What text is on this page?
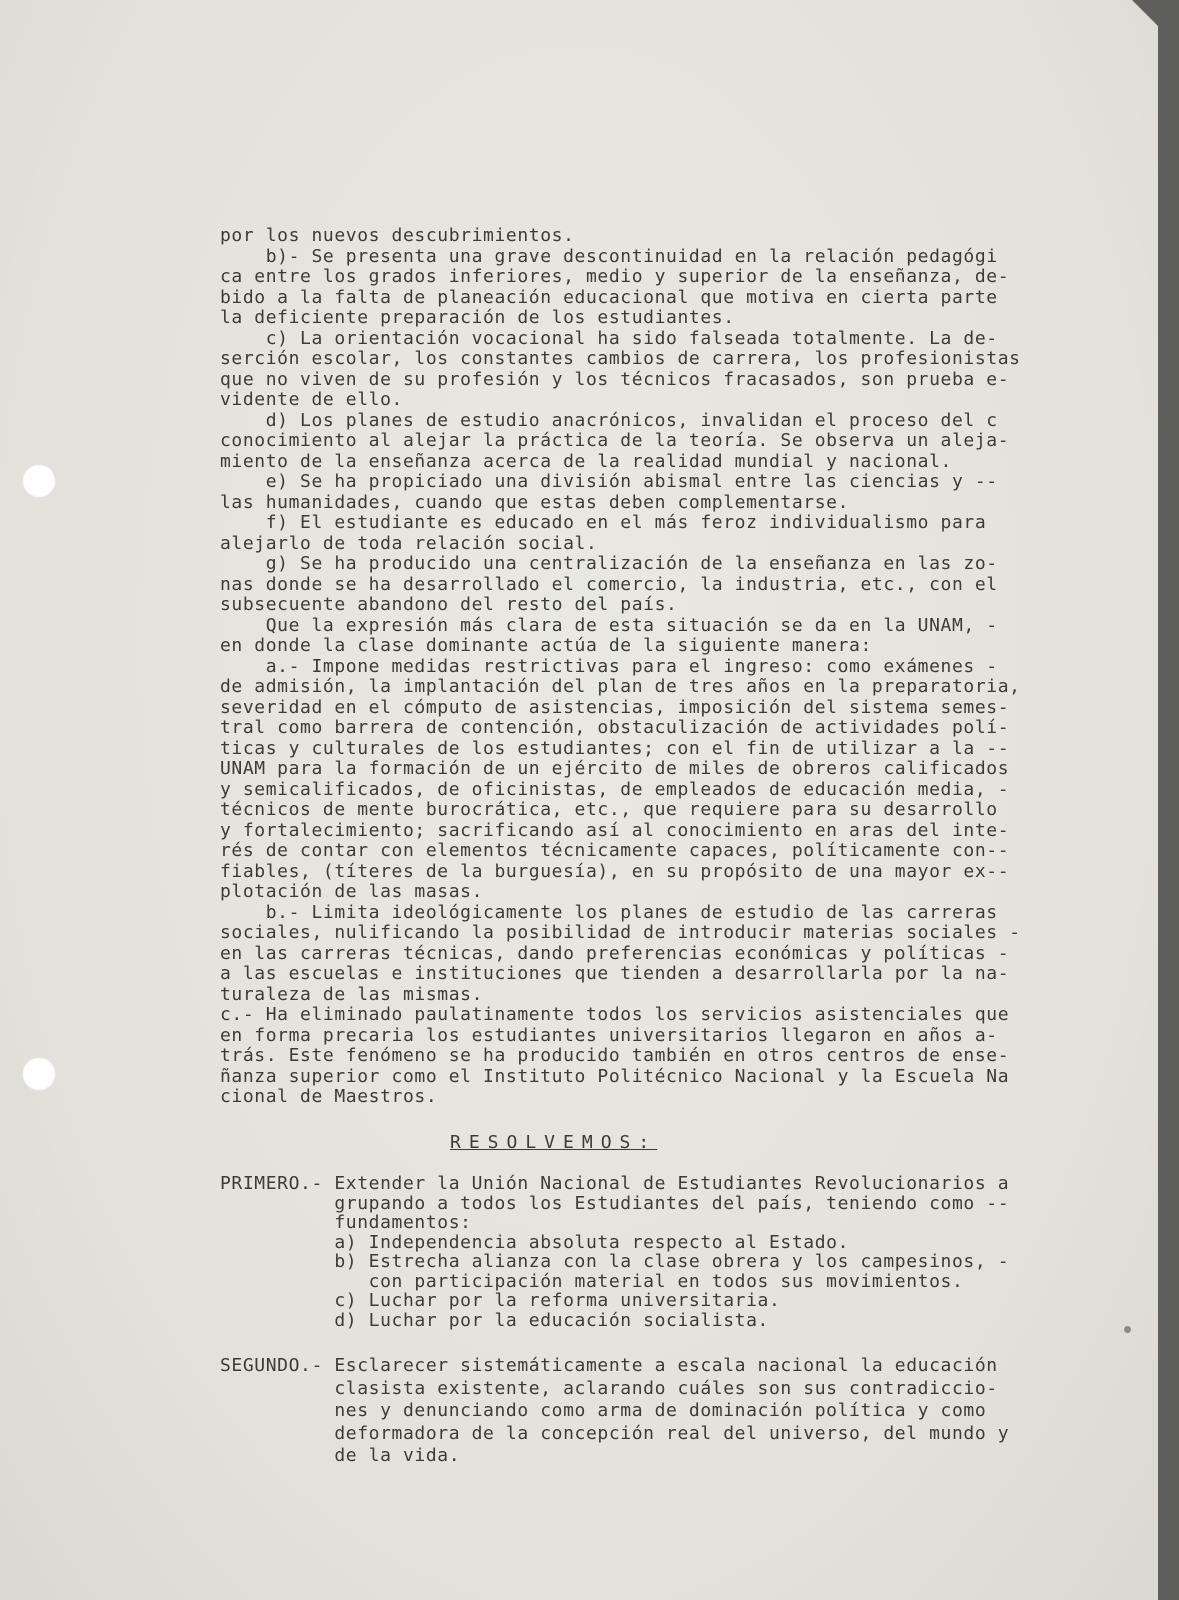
por los nuevos descubrimientos.
b)- Se presenta una grave descontinuidad en la relación pedagógi
ca entre los grados inferiores, medio y superior de la enseñanza, de-
bido a la falta de planeación educacional que motiva en cierta parte
la deficiente preparación de los estudiantes.
c) La orientación vocacional ha sido falseada totalmente. La de-
serción escolar, los constantes cambios de carrera, los profesionistas
que no viven de su profesión y los técnicos fracasados, son prueba e-
vidente de ello.
d) Los planes de estudio anacrónicos, invalidan el proceso del c
conocimiento al alejar la práctica de la teoría. Se observa un aleja-
miento de la enseñanza acerca de la realidad mundial y nacional.
e) Se ha propiciado una división abismal entre las ciencias y --
las humanidades, cuando que estas deben complementarse.
f) El estudiante es educado en el más feroz individualismo para
alejarlo de toda relación social.
g) Se ha producido una centralización de la enseñanza en las zo-
nas donde se ha desarrollado el comercio, la industria, etc., con el
subsecuente abandono del resto del país.
Que la expresión más clara de esta situación se da en la UNAM, -
en donde la clase dominante actúa de la siguiente manera:
a.- Impone medidas restrictivas para el ingreso: como exámenes -
de admisión, la implantación del plan de tres años en la preparatoria,
severidad en el cómputo de asistencias, imposición del sistema semes-
tral como barrera de contención, obstaculización de actividades polí-
ticas y culturales de los estudiantes; con el fin de utilizar a la --
UNAM para la formación de un ejército de miles de obreros calificados
y semicalificados, de oficinistas, de empleados de educación media, -
técnicos de mente burocrática, etc., que requiere para su desarrollo
y fortalecimiento; sacrificando así al conocimiento en aras del inte-
rés de contar con elementos técnicamente capaces, políticamente con--
fiables, (títeres de la burguesía), en su propósito de una mayor ex--
plotación de las masas.
b.- Limita ideológicamente los planes de estudio de las carreras
sociales, nulificando la posibilidad de introducir materias sociales -
en las carreras técnicas, dando preferencias económicas y políticas -
a las escuelas e instituciones que tienden a desarrollarla por la na-
turaleza de las mismas.
c.- Ha eliminado paulatinamente todos los servicios asistenciales que
en forma precaria los estudiantes universitarios llegaron en años a-
trás. Este fenómeno se ha producido también en otros centros de ense-
ñanza superior como el Instituto Politécnico Nacional y la Escuela Na
cional de Maestros.
RESOLVEMOS:
PRIMERO.- Extender la Unión Nacional de Estudiantes Revolucionarios a
grupando a todos los Estudiantes del país, teniendo como --
fundamentos:
a) Independencia absoluta respecto al Estado.
b) Estrecha alianza con la clase obrera y los campesinos, -
con participación material en todos sus movimientos.
c) Luchar por la reforma universitaria.
d) Luchar por la educación socialista.
SEGUNDO.- Esclarecer sistemáticamente a escala nacional la educación
clasista existente, aclarando cuáles son sus contradiccio-
nes y denunciando como arma de dominación política y como
deformadora de la concepción real del universo, del mundo y
de la vida.
